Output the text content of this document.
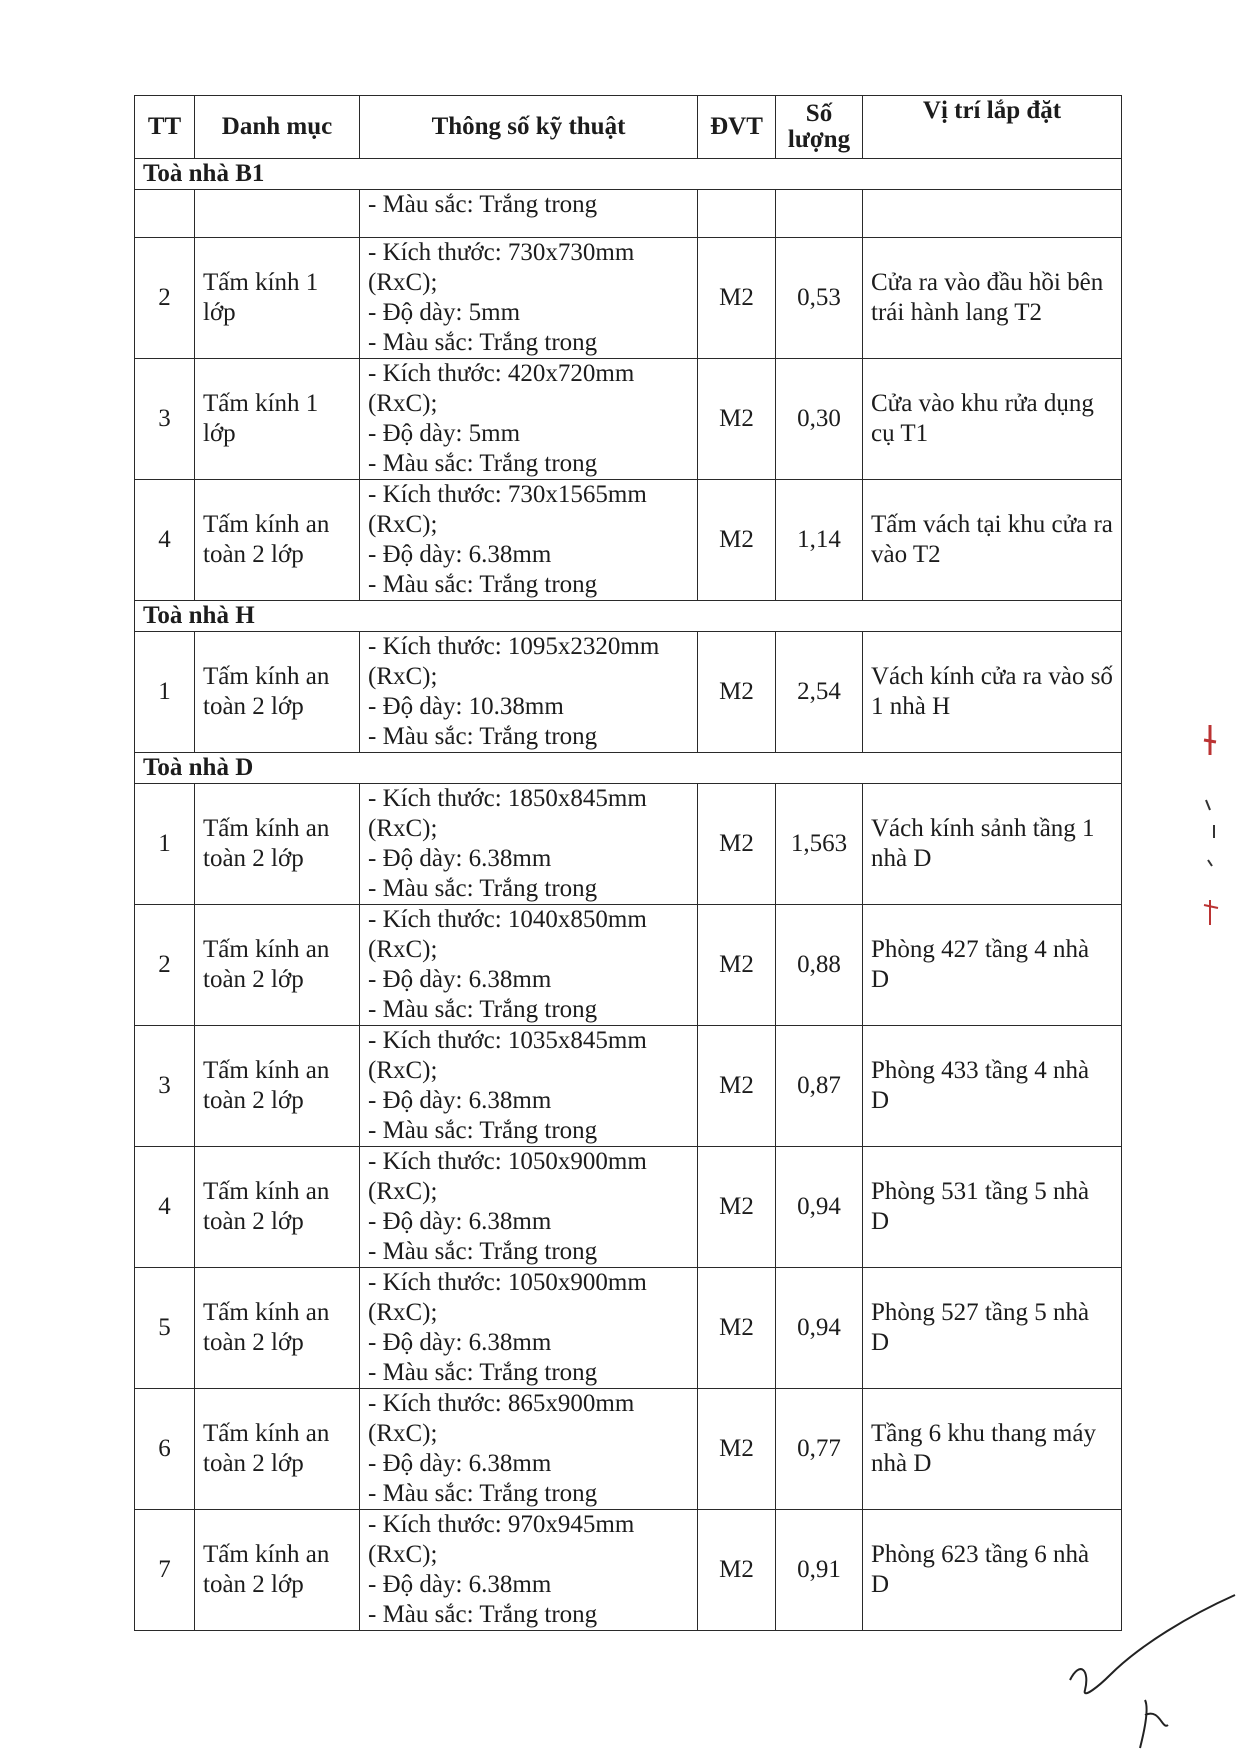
TT	Danh mục	Thông số kỹ thuật	ĐVT	Số lượng	Vị trí lắp đặt
Toà nhà B1					
		- Màu sắc: Trắng trong			
2	Tấm kính 1 lớp	- Kích thước: 730x730mm
(RxC);
- Độ dày: 5mm
- Màu sắc: Trắng trong	M2	0,53	Cửa ra vào đầu hồi bên trái hành lang T2
3	Tấm kính 1 lớp	- Kích thước: 420x720mm
(RxC);
- Độ dày: 5mm
- Màu sắc: Trắng trong	M2	0,30	Cửa vào khu rửa dụng cụ T1
4	Tấm kính an toàn 2 lớp	- Kích thước: 730x1565mm
(RxC);
- Độ dày: 6.38mm
- Màu sắc: Trắng trong	M2	1,14	Tấm vách tại khu cửa ra vào T2
Toà nhà H					
1	Tấm kính an toàn 2 lớp	- Kích thước: 1095x2320mm
(RxC);
- Độ dày: 10.38mm
- Màu sắc: Trắng trong	M2	2,54	Vách kính cửa ra vào số 1 nhà H
Toà nhà D					
1	Tấm kính an toàn 2 lớp	- Kích thước: 1850x845mm
(RxC);
- Độ dày: 6.38mm
- Màu sắc: Trắng trong	M2	1,563	Vách kính sảnh tầng 1 nhà D
2	Tấm kính an toàn 2 lớp	- Kích thước: 1040x850mm
(RxC);
- Độ dày: 6.38mm
- Màu sắc: Trắng trong	M2	0,88	Phòng 427 tầng 4 nhà D
3	Tấm kính an toàn 2 lớp	- Kích thước: 1035x845mm
(RxC);
- Độ dày: 6.38mm
- Màu sắc: Trắng trong	M2	0,87	Phòng 433 tầng 4 nhà D
4	Tấm kính an toàn 2 lớp	- Kích thước: 1050x900mm
(RxC);
- Độ dày: 6.38mm
- Màu sắc: Trắng trong	M2	0,94	Phòng 531 tầng 5 nhà D
5	Tấm kính an toàn 2 lớp	- Kích thước: 1050x900mm
(RxC);
- Độ dày: 6.38mm
- Màu sắc: Trắng trong	M2	0,94	Phòng 527 tầng 5 nhà D
6	Tấm kính an toàn 2 lớp	- Kích thước: 865x900mm
(RxC);
- Độ dày: 6.38mm
- Màu sắc: Trắng trong	M2	0,77	Tầng 6 khu thang máy nhà D
7	Tấm kính an toàn 2 lớp	- Kích thước: 970x945mm
(RxC);
- Độ dày: 6.38mm
- Màu sắc: Trắng trong	M2	0,91	Phòng 623 tầng 6 nhà D
